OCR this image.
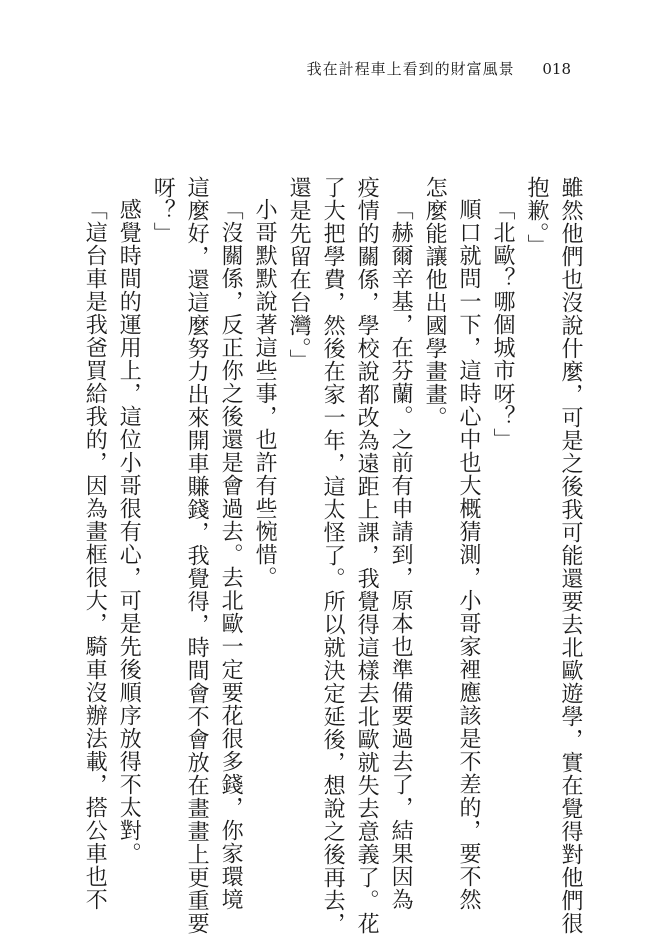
我在計程車上看到的財富風景 018
雖然他們也沒說什麼，可是之後我可能還要去北歐遊學，實在覺得對他們很
抱歉。」
「北歐？哪個城市呀？」
順口就問一下，這時心中也大概猜測，小哥家裡應該是不差的，要不然
怎麼能讓他出國學畫畫。
「赫爾辛基，在芬蘭。之前有申請到，原本也準備要過去了，結果因為
疫情的關係，學校說都改為遠距上課，我覺得這樣去北歐就失去意義了。花
了大把學費，然後在家一年，這太怪了。所以就決定延後，想說之後再去，
還是先留在台灣。」
小哥默默說著這些事，也許有些惋惜。
「沒關係，反正你之後還是會過去。去北歐一定要花很多錢，你家環境
這麼好，還這麼努力出來開車賺錢，我覺得，時間會不會放在畫畫上更重要
呀？」
感覺時間的運用上，這位小哥很有心，可是先後順序放得不太對。
「這台車是我爸買給我的，因為畫框很大，騎車沒辦法載，搭公車也不
